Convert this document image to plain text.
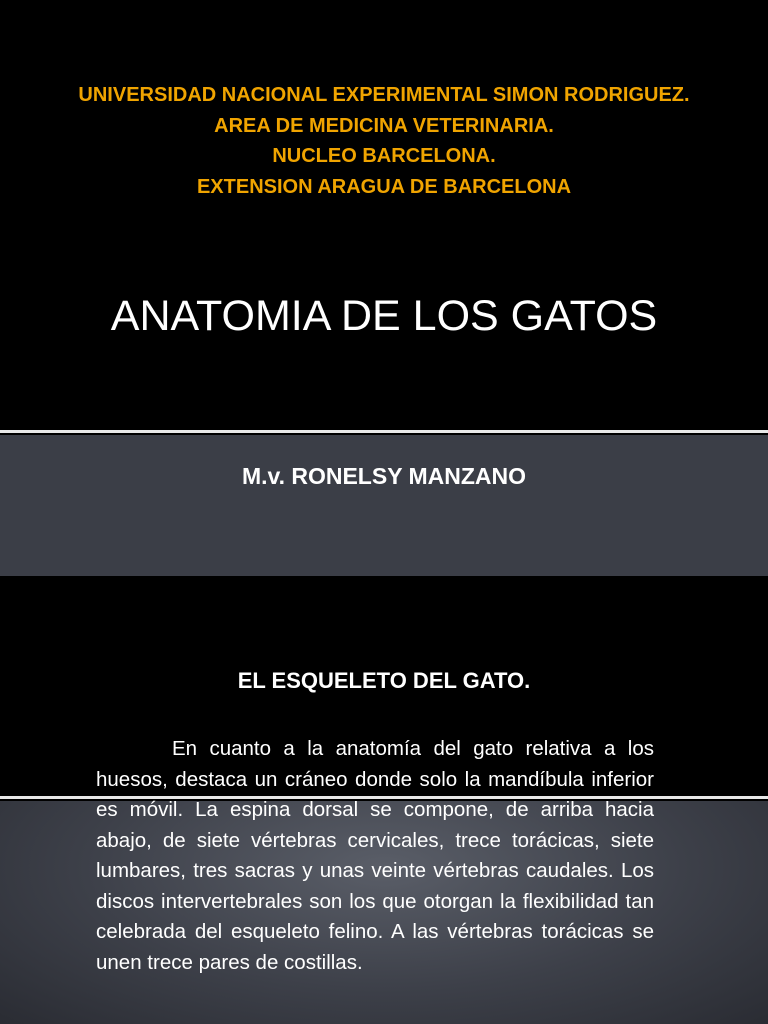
UNIVERSIDAD NACIONAL EXPERIMENTAL SIMON RODRIGUEZ.
AREA DE MEDICINA VETERINARIA.
NUCLEO BARCELONA.
EXTENSION ARAGUA DE BARCELONA
ANATOMIA DE LOS GATOS
M.v. RONELSY MANZANO
EL ESQUELETO DEL GATO.

En cuanto a la anatomía del gato relativa a los huesos, destaca un cráneo donde solo la mandíbula inferior es móvil. La espina dorsal se compone, de arriba hacia abajo, de siete vértebras cervicales, trece torácicas, siete lumbares, tres sacras y unas veinte vértebras caudales. Los discos intervertebrales son los que otorgan la flexibilidad tan celebrada del esqueleto felino. A las vértebras torácicas se unen trece pares de costillas.
